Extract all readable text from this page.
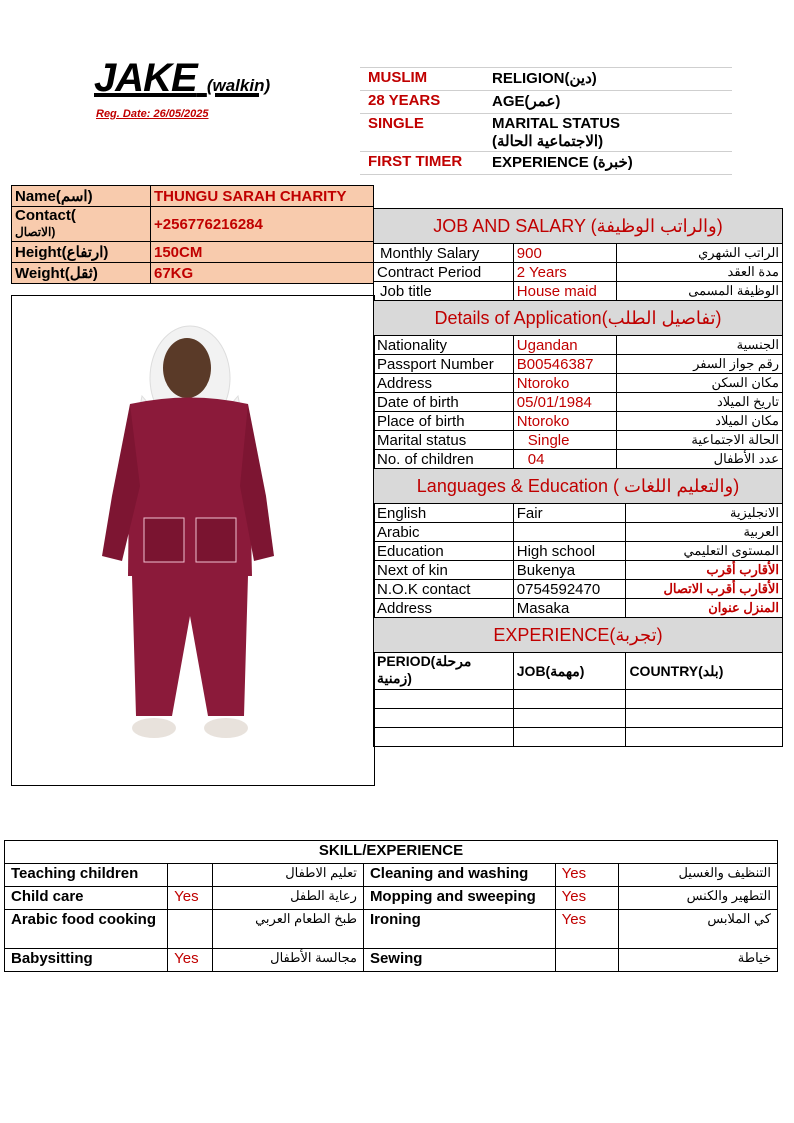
JAKE (walkin)
Reg. Date: 26/05/2025
MUSLIM	RELIGION(دين)
28 YEARS	AGE(عمر)
SINGLE	MARITAL STATUS
(الاجتماعية الحالة)

FIRST TIMER	EXPERIENCE (خبرة)
Name(اسم)	THUNGU SARAH CHARITY

Contact(
الاتصال)	+256776216284
Height(ارتفاع)	150CM
Weight(ثقل)	67KG
JOB AND SALARY (والراتب الوظيفة)			
Monthly Salary	900	الراتب الشهري	
Contract Period	2 Years	مدة العقد	
Job title	House maid	الوظيفة المسمى	
Details of Application(تفاصيل الطلب)			
Nationality	Ugandan	الجنسية	
Passport Number	B00546387	رقم جواز السفر	
Address	Ntoroko	مكان السكن	
Date of birth	05/01/1984	تاريخ الميلاد	
Place of birth	Ntoroko	مكان الميلاد	
Marital status	Single	الحالة الاجتماعية	
No. of children	04	عدد الأطفال	
Languages & Education ( والتعليم اللغات)			
English	Fair		الانجليزية
Arabic			العربية
Education	High school		المستوى التعليمي
Next of kin	Bukenya		الأقارب أقرب
N.O.K contact	0754592470		الأقارب أقرب الاتصال
Address	Masaka		المنزل عنوان
EXPERIENCE(تجربة)			
PERIOD(مرحلة زمنية)	JOB(مهمة)		COUNTRY(بلد)

SKILL/EXPERIENCE					
Teaching children		تعليم الاطفال	Cleaning and washing	Yes	التنظيف والغسيل
Child care	Yes	رعاية الطفل	Mopping and sweeping	Yes	التطهير والكنس
Arabic food cooking		طبخ الطعام العربي	Ironing	Yes	كي الملابس
Babysitting	Yes	مجالسة الأطفال	Sewing		خياطة
